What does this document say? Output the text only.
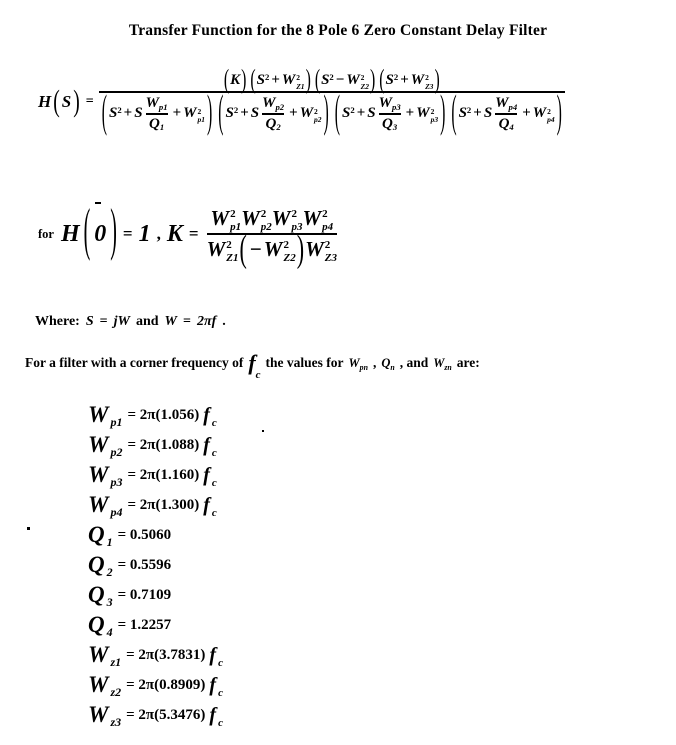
Transfer Function for the 8 Pole 6 Zero Constant Delay Filter
H ( S ) =
( K ) ( S 2 + W 2
Z1 ) ( S 2 − W 2
Z2 ) ( S 2 + W 2
Z3 )
( S 2 + S
W p1
Q 1
+ W 2
p1 ) ( S 2 + S
W p2
Q 2
+ W 2
p2 ) ( S 2 + S
W p3
Q 3
+ W 2
p3 ) ( S 2 + S
W p4
Q 4
+ W 2
p4 )
for H ( 0 ) = 1 , K = W 2
p1 W 2
p2 W 2
p3 W 2
p4
W 2
Z1 ( − W 2
Z2 ) W 2
Z3
Where: S = jW and W = 2πf .
For a filter with a corner frequency of $f_c$
the values for $W_{pn}$ , $Q_n$ , and $W_{zn}$ are:
W p1 = 2π(1.056) f c
W p2 = 2π(1.088) f c
W p3 = 2π(1.160) f c
W p4 = 2π(1.300) f c
Q 1 = 0.5060
Q 2 = 0.5596
Q 3 = 0.7109
Q 4 = 1.2257
W z1 = 2π(3.7831) f c
W z2 = 2π(0.8909) f c
W z3 = 2π(5.3476) f c
